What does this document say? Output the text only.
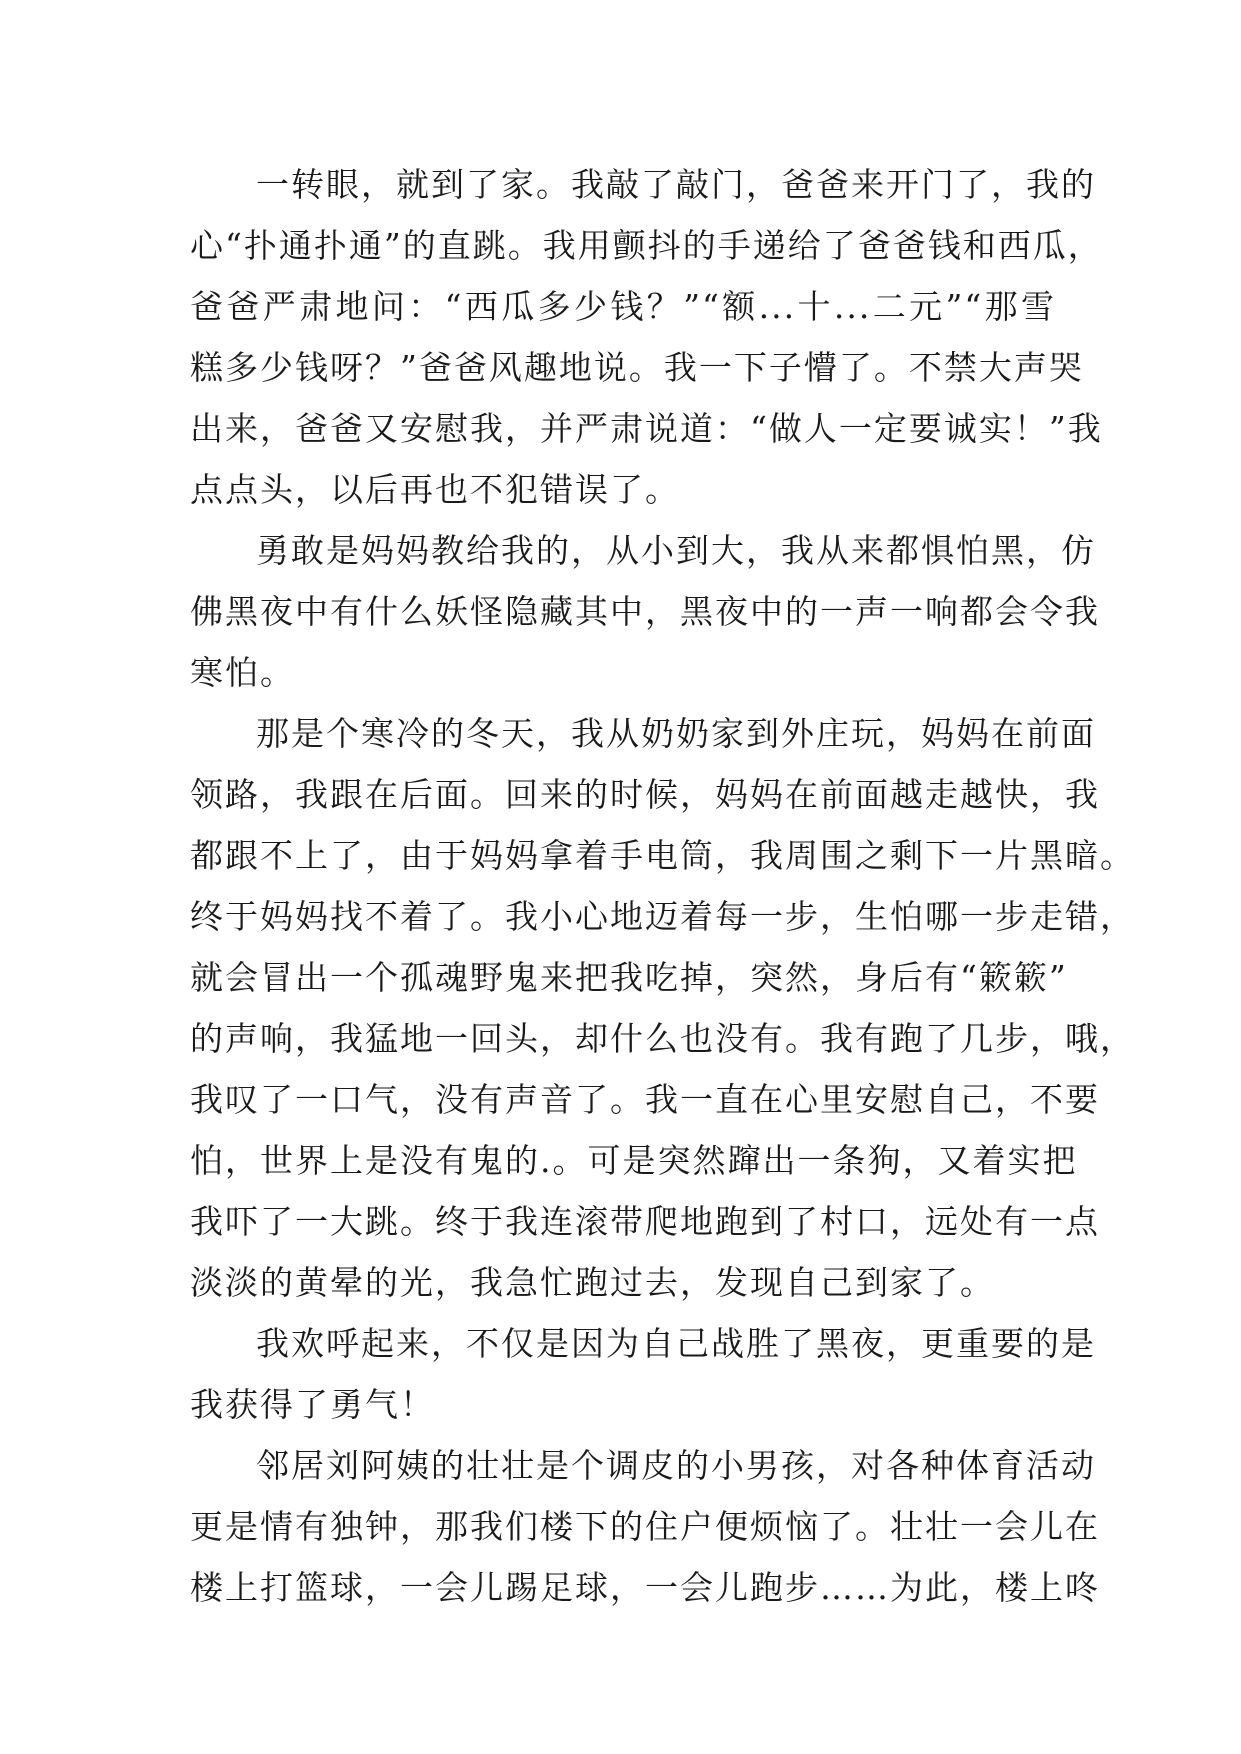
一转眼，就到了家。我敲了敲门，爸爸来开门了，我的
心“扑通扑通”的直跳。我用颤抖的手递给了爸爸钱和西瓜，
爸爸严肃地问：“西瓜多少钱？”“额...十...二元”“那雪
糕多少钱呀？”爸爸风趣地说。我一下子懵了。不禁大声哭
出来，爸爸又安慰我，并严肃说道：“做人一定要诚实！”我
点点头，以后再也不犯错误了。
勇敢是妈妈教给我的，从小到大，我从来都惧怕黑，仿
佛黑夜中有什么妖怪隐藏其中，黑夜中的一声一响都会令我
寒怕。
那是个寒冷的冬天，我从奶奶家到外庄玩，妈妈在前面
领路，我跟在后面。回来的时候，妈妈在前面越走越快，我
都跟不上了，由于妈妈拿着手电筒，我周围之剩下一片黑暗。
终于妈妈找不着了。我小心地迈着每一步，生怕哪一步走错，
就会冒出一个孤魂野鬼来把我吃掉，突然，身后有“簌簌”
的声响，我猛地一回头，却什么也没有。我有跑了几步，哦，
我叹了一口气，没有声音了。我一直在心里安慰自己，不要
怕，世界上是没有鬼的.。可是突然蹿出一条狗，又着实把
我吓了一大跳。终于我连滚带爬地跑到了村口，远处有一点
淡淡的黄晕的光，我急忙跑过去，发现自己到家了。
我欢呼起来，不仅是因为自己战胜了黑夜，更重要的是
我获得了勇气！
邻居刘阿姨的壮壮是个调皮的小男孩，对各种体育活动
更是情有独钟，那我们楼下的住户便烦恼了。壮壮一会儿在
楼上打篮球，一会儿踢足球，一会儿跑步……为此，楼上咚
